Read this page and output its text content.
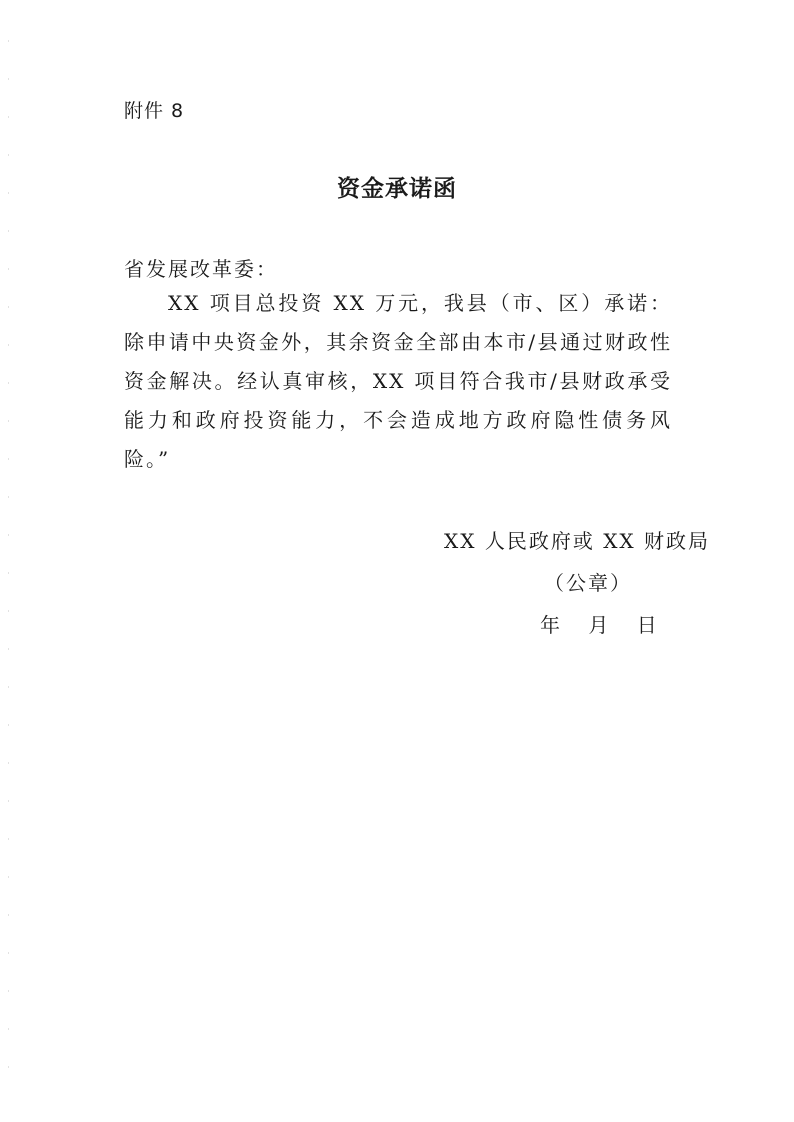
附件 8
资金承诺函
省发展改革委：
XX 项目总投资 XX 万元，我县（市、区）承诺：除申请中央资金外，其余资金全部由本市/县通过财政性资金解决。经认真审核，XX 项目符合我市/县财政承受能力和政府投资能力，不会造成地方政府隐性债务风险。”
XX 人民政府或 XX 财政局
（公章）
年 月 日
